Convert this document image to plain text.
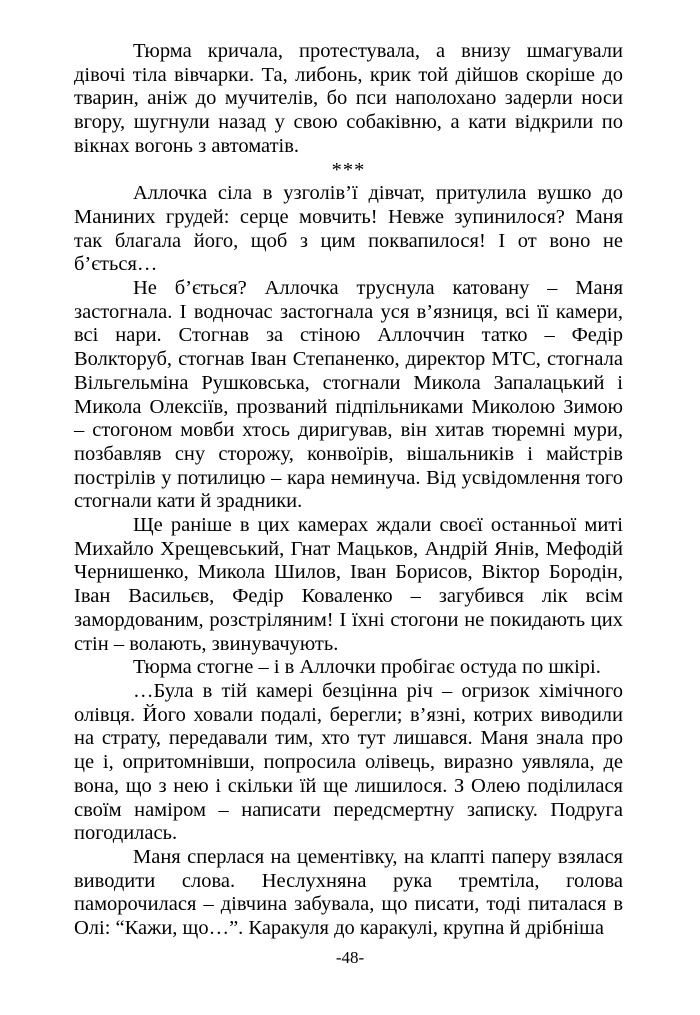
Тюрма кричала, протестувала, а внизу шмагували дівочі тіла вівчарки. Та, либонь, крик той дійшов скоріше до тварин, аніж до мучителів, бо пси наполохано задерли носи вгору, шугнули назад у свою собаківню, а кати відкрили по вікнах вогонь з автоматів.

***

Аллочка сіла в узголів’ї дівчат, притулила вушко до Маниних грудей: серце мовчить! Невже зупинилося? Маня так благала його, щоб з цим поквапилося! І от воно не б’ється…

Не б’ється? Аллочка труснула катовану – Маня застогнала. І водночас застогнала уся в’язниця, всі її камери, всі нари. Стогнав за стіною Аллоччин татко – Федір Волкторуб, стогнав Іван Степаненко, директор МТС, стогнала Вільгельміна Рушковська, стогнали Микола Запалацький і Микола Олексіїв, прозваний підпільниками Миколою Зимою – стогоном мовби хтось диригував, він хитав тюремні мури, позбавляв сну сторожу, конвоїрів, вішальників і майстрів пострілів у потилицю – кара неминуча. Від усвідомлення того стогнали кати й зрадники.

Ще раніше в цих камерах ждали своєї останньої миті Михайло Хрещевський, Гнат Мацьков, Андрій Янів, Мефодій Чернишенко, Микола Шилов, Іван Борисов, Віктор Бородін, Іван Васильєв, Федір Коваленко – загубився лік всім замордованим, розстріляним! І їхні стогони не покидають цих стін – волають, звинувачують.

Тюрма стогне – і в Аллочки пробігає остуда по шкірі.

…Була в тій камері безцінна річ – огризок хімічного олівця. Його ховали подалі, берегли; в’язні, котрих виводили на страту, передавали тим, хто тут лишався. Маня знала про це і, опритомнівши, попросила олівець, виразно уявляла, де вона, що з нею і скільки їй ще лишилося. З Олею поділилася своїм наміром – написати передсмертну записку. Подруга погодилась.

Маня сперлася на цементівку, на клапті паперу взялася виводити слова. Неслухняна рука тремтіла, голова паморочилася – дівчина забувала, що писати, тоді питалася в Олі: “Кажи, що…”. Каракуля до каракулі, крупна й дрібніша

-48-
